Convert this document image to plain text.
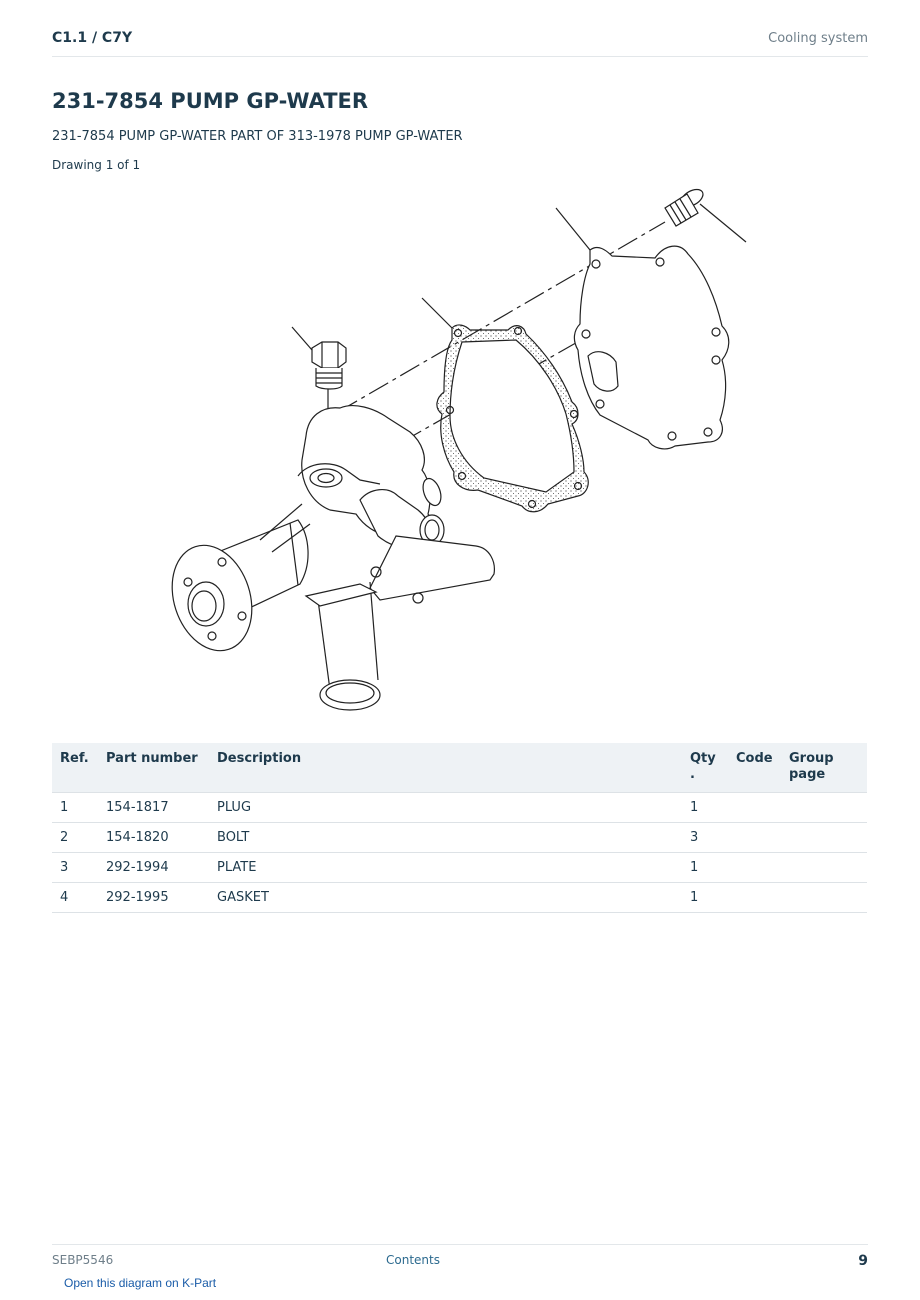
C1.1 / C7Y	Cooling system
231-7854 PUMP GP-WATER
231-7854 PUMP GP-WATER PART OF 313-1978 PUMP GP-WATER
Drawing 1 of 1
Ref.	Part number	Description	Qty .	Code	Group page
1	154-1817	PLUG	1		
2	154-1820	BOLT	3		
3	292-1994	PLATE	1		
4	292-1995	GASKET	1		
SEBP5546	Contents	9
Open this diagram on K-Part
